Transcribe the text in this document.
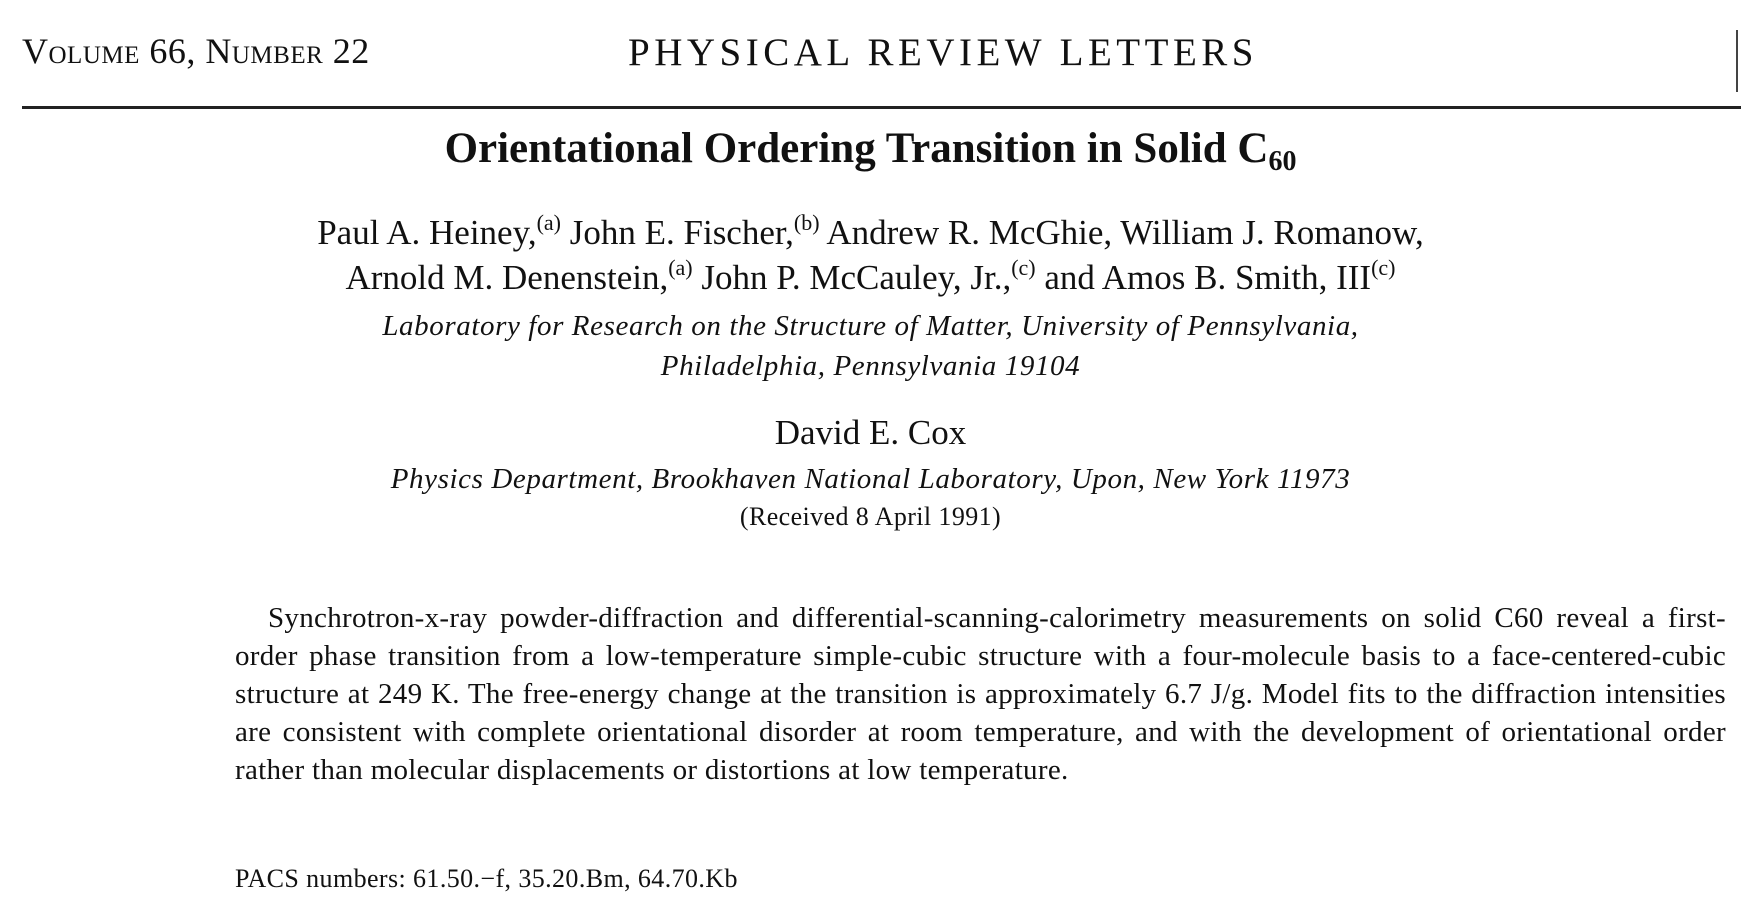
Volume 66, Number 22	PHYSICAL REVIEW LETTERS
Orientational Ordering Transition in Solid C60
Paul A. Heiney,$^{(a)}$ John E. Fischer,$^{(b)}$ Andrew R. McGhie, William J. Romanow,
Arnold M. Denenstein,$^{(a)}$ John P. McCauley, Jr.,$^{(c)}$ and Amos B. Smith, III$^{(c)}$
Laboratory for Research on the Structure of Matter, University of Pennsylvania,
Philadelphia, Pennsylvania 19104
David E. Cox
Physics Department, Brookhaven National Laboratory, Upon, New York 11973
(Received 8 April 1991)
Synchrotron-x-ray powder-diffraction and differential-scanning-calorimetry measurements on solid C60 reveal a first-order phase transition from a low-temperature simple-cubic structure with a four-molecule basis to a face-centered-cubic structure at 249 K. The free-energy change at the transition is approximately 6.7 J/g. Model fits to the diffraction intensities are consistent with complete orientational disorder at room temperature, and with the development of orientational order rather than molecular displacements or distortions at low temperature.
PACS numbers: 61.50.−f, 35.20.Bm, 64.70.Kb
